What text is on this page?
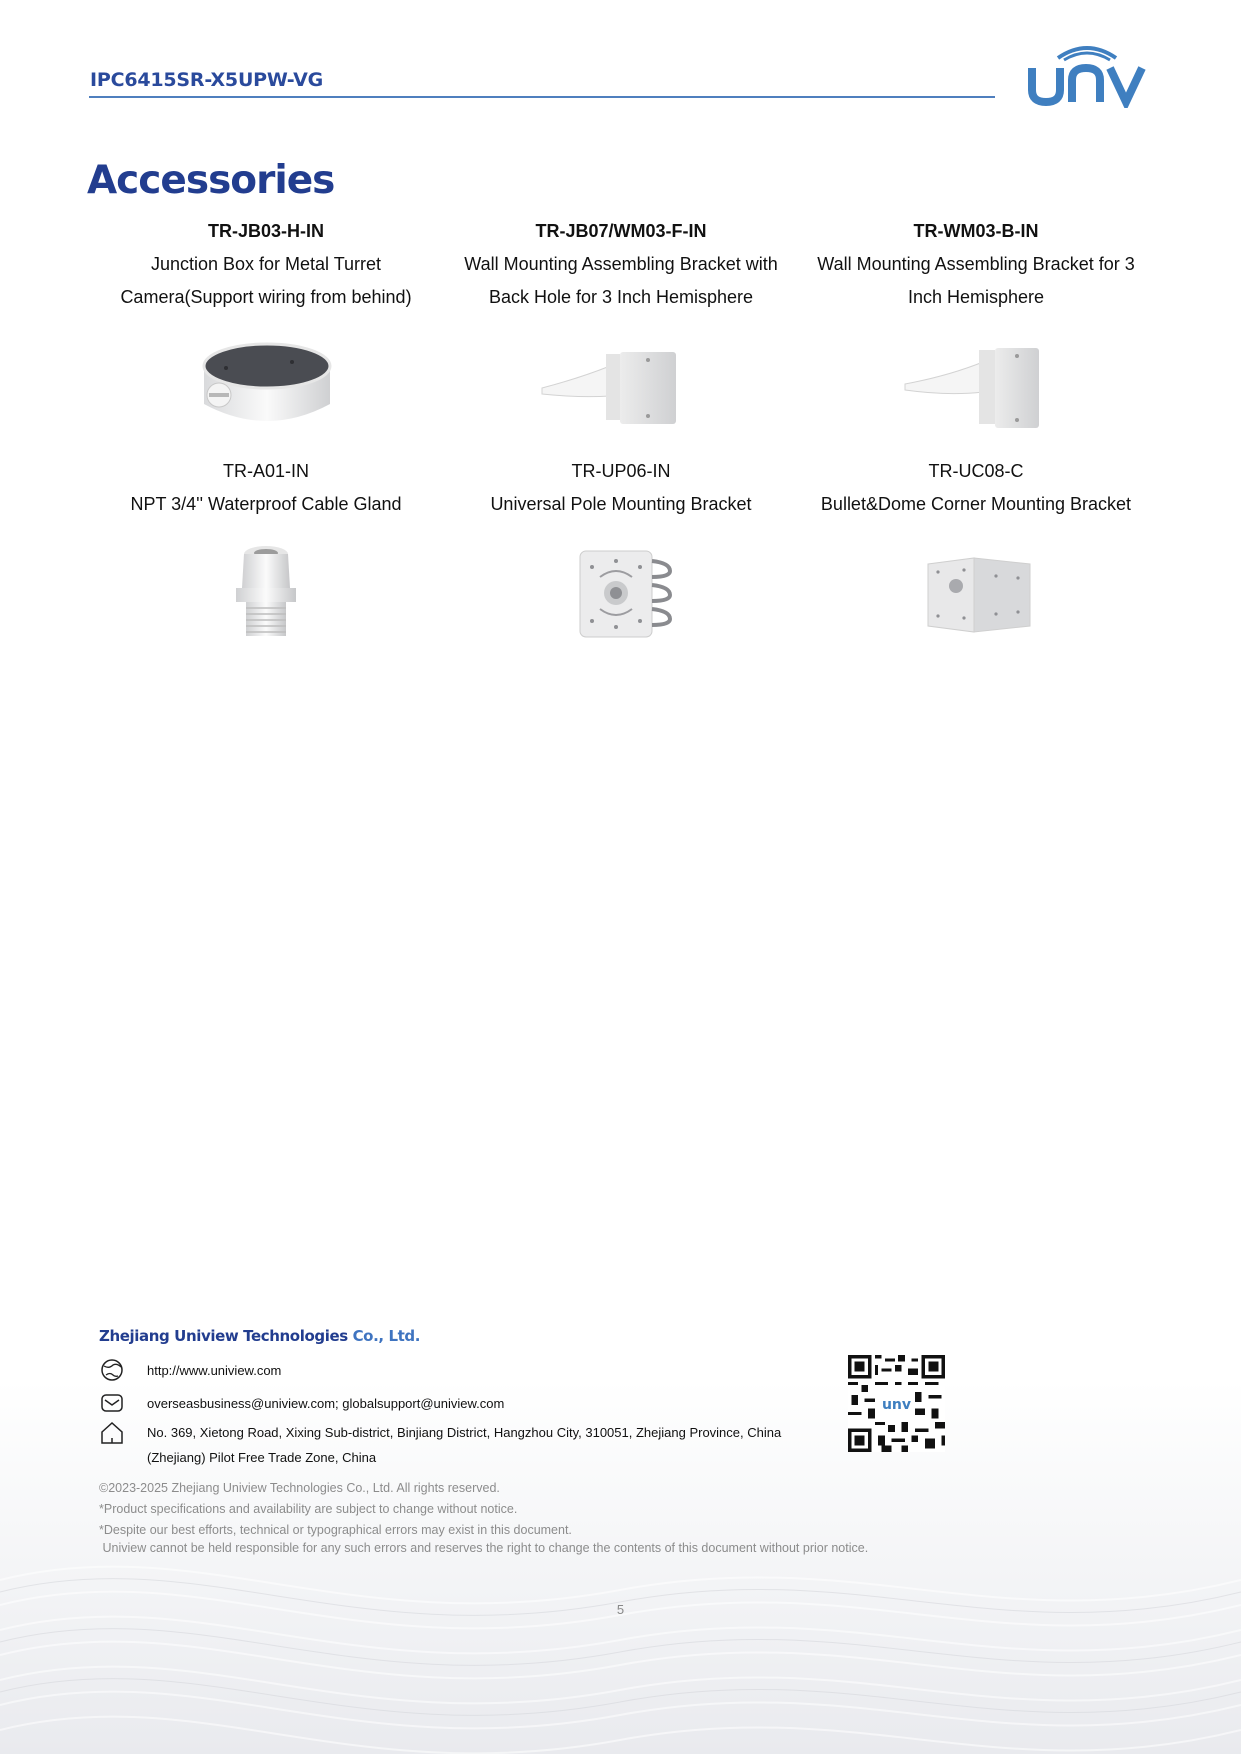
IPC6415SR-X5UPW-VG
Accessories
TR-JB03-H-IN
Junction Box for Metal Turret
Camera(Support wiring from behind)
TR-JB07/WM03-F-IN
Wall Mounting Assembling Bracket with
Back Hole for 3 Inch Hemisphere
TR-WM03-B-IN
Wall Mounting Assembling Bracket for 3
Inch Hemisphere
TR-A01-IN
NPT 3/4'' Waterproof Cable Gland
TR-UP06-IN
Universal Pole Mounting Bracket
TR-UC08-C
Bullet&Dome Corner Mounting Bracket
Zhejiang Uniview Technologies Co., Ltd.
http://www.uniview.com
overseasbusiness@uniview.com; globalsupport@uniview.com
No. 369, Xietong Road, Xixing Sub-district, Binjiang District, Hangzhou City, 310051, Zhejiang Province, China
(Zhejiang) Pilot Free Trade Zone, China
unv
©2023-2025 Zhejiang Uniview Technologies Co., Ltd. All rights reserved.
*Product specifications and availability are subject to change without notice.
*Despite our best efforts, technical or typographical errors may exist in this document.
Uniview cannot be held responsible for any such errors and reserves the right to change the contents of this document without prior notice.
5
